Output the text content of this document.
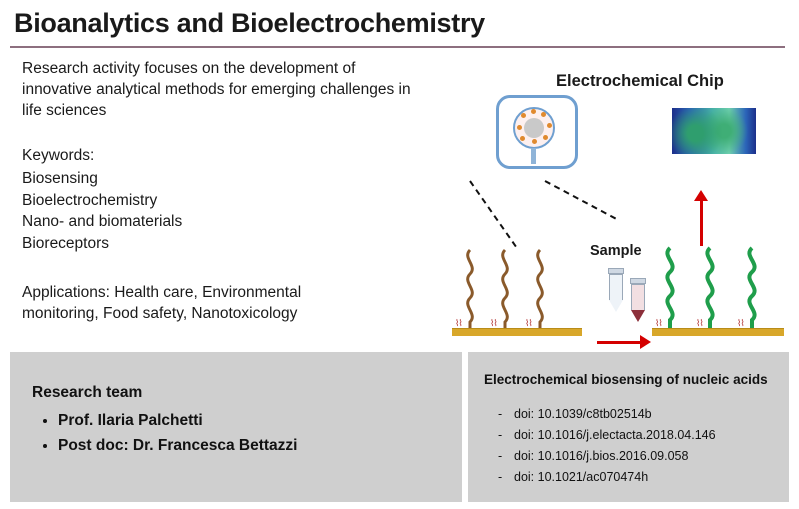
Bioanalytics and Bioelectrochemistry
Research activity focuses on the development of innovative analytical methods for emerging challenges in life sciences
Keywords:
Biosensing
Bioelectrochemistry
Nano- and biomaterials
Bioreceptors
Applications: Health care, Environmental monitoring, Food safety, Nanotoxicology
Electrochemical Chip
⌇⌇	⌇⌇	⌇⌇
Sample
⌇⌇	⌇⌇	⌇⌇
Research team
• Prof. Ilaria Palchetti
• Post doc: Dr. Francesca Bettazzi
Electrochemical biosensing of nucleic acids
- doi: 10.1039/c8tb02514b
- doi: 10.1016/j.electacta.2018.04.146
- doi: 10.1016/j.bios.2016.09.058
- doi: 10.1021/ac070474h
